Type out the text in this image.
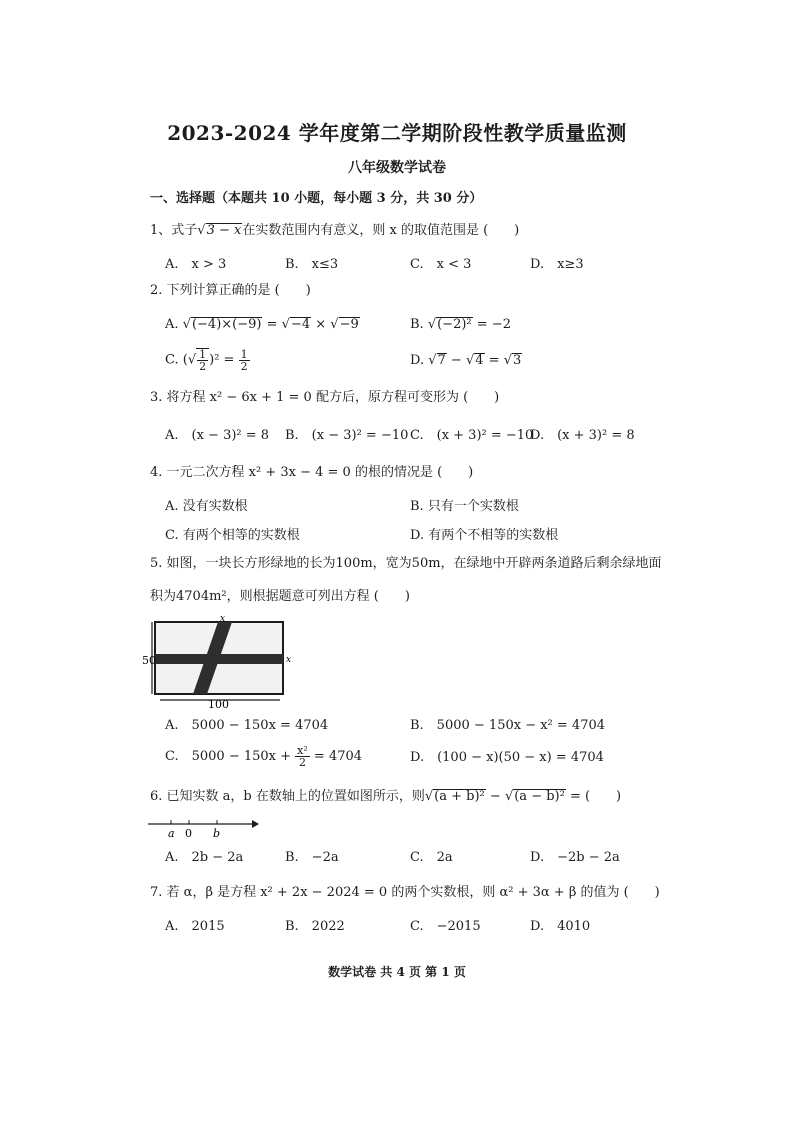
2023-2024 学年度第二学期阶段性教学质量监测
八年级数学试卷
一、选择题（本题共 10 小题，每小题 3 分，共 30 分）
1、式子√3 − x在实数范围内有意义，则 x 的取值范围是 (　　)
A.　x > 3	B.　x≤3	C.　x < 3	D.　x≥3
2. 下列计算正确的是 (　　)
A. √(−4)×(−9) = √−4 × √−9	B. √(−2)² = −2
C. (√ $\frac{1}{2} )^2 = \frac{1}{2}$	D. √7 − √4 = √3
3. 将方程 x² − 6x + 1 = 0 配方后，原方程可变形为 (　　)
A.　(x − 3)² = 8 B.　(x − 3)² = −10 C.　(x + 3)² = −10
D.　(x + 3)² = 8
4. 一元二次方程 x² + 3x − 4 = 0 的根的情况是 (　　)
A. 没有实数根	B. 只有一个实数根
C. 有两个相等的实数根	D. 有两个不相等的实数根
5. 如图，一块长方形绿地的长为100m，宽为50m，在绿地中开辟两条道路后剩余绿地面
积为4704m²，则根据题意可列出方程 (　　)
50
100
x
x
A.　5000 − 150x = 4704	B.　5000 − 150x − x² = 4704
C.　$5000 - 150x + \frac{\text{x²}}{2} = 4704$	D.　(100 − x)(50 − x) = 4704
6. 已知实数 a，b 在数轴上的位置如图所示，则√(a + b)² − √(a − b)² = (　　)
a 0 b
A.　2b − 2a	B.　−2a	C.　2a	D.　−2b − 2a
7. 若 α，β 是方程 x² + 2x − 2024 = 0 的两个实数根，则 α² + 3α + β 的值为 (　　)
A.　2015	B.　2022	C.　−2015	D.　4010
数学试卷 共 4 页 第 1 页
